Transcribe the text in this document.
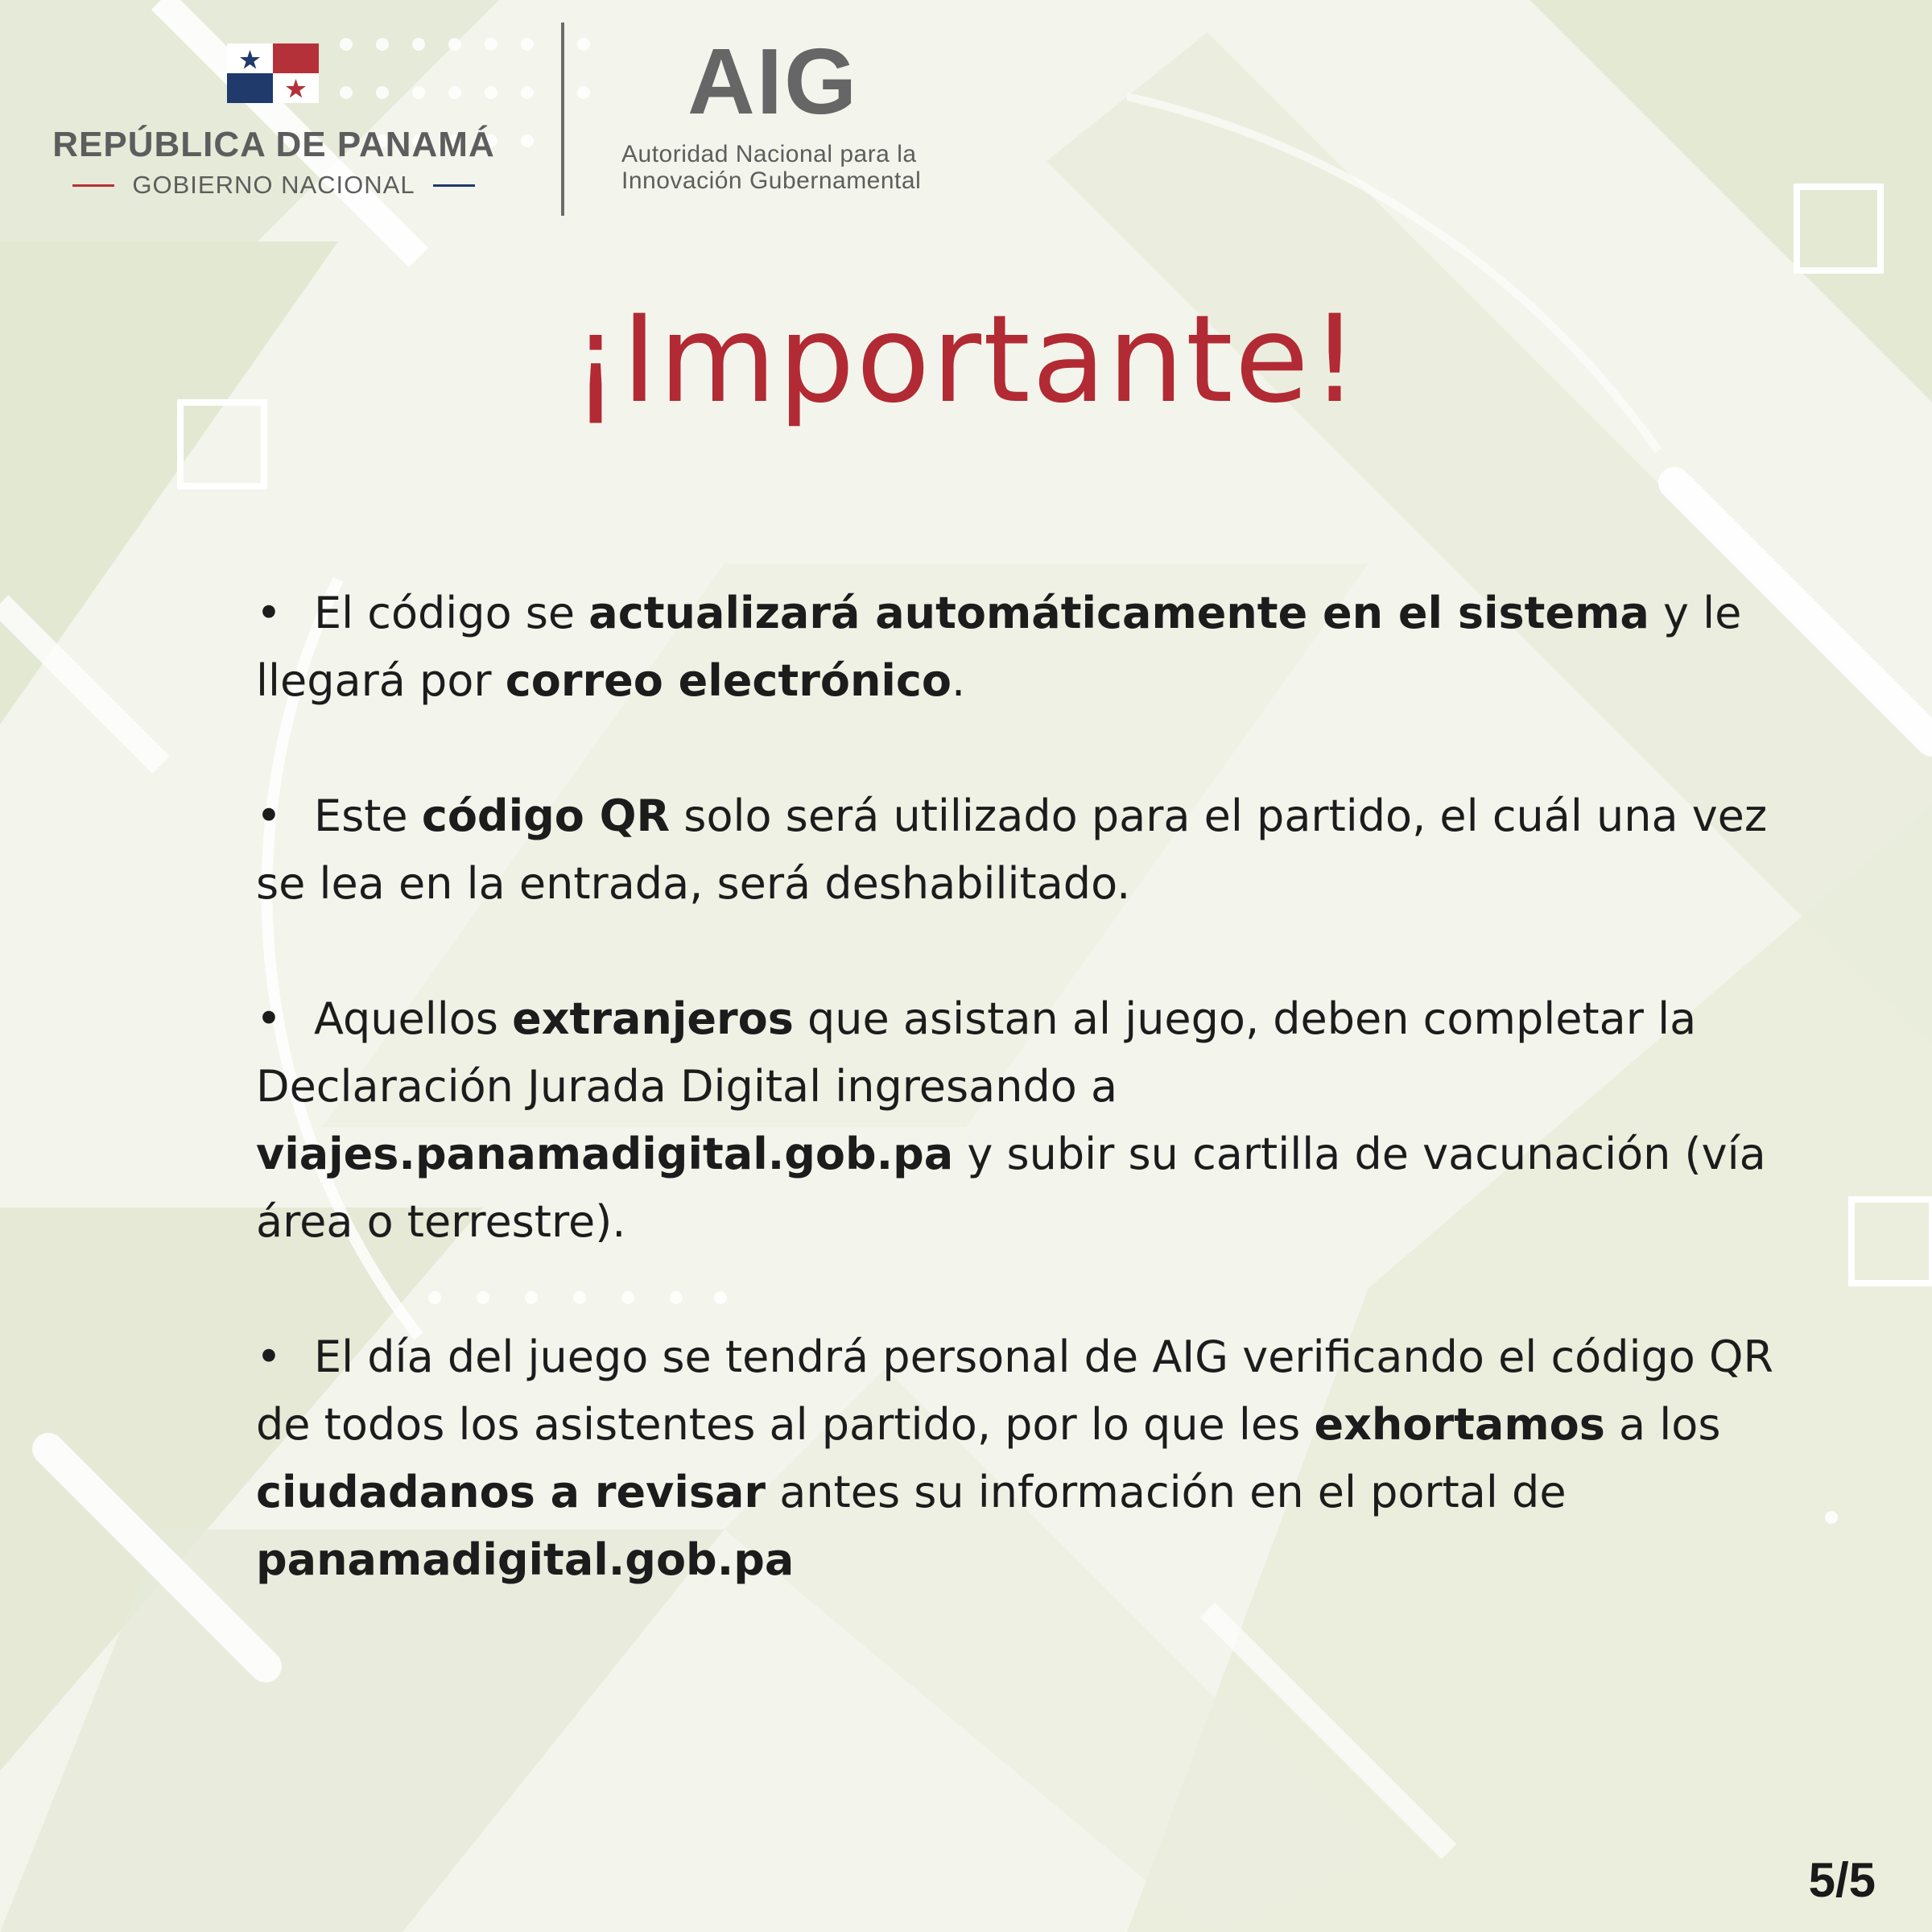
REPÚBLICA DE PANAMÁ
GOBIERNO NACIONAL
AIG
Autoridad Nacional para la
Innovación Gubernamental
¡Importante!

• El código se actualizará automáticamente en el sistema y le llegará por correo electrónico.

• Este código QR solo será utilizado para el partido, el cuál una vez se lea en la entrada, será deshabilitado.

• Aquellos extranjeros que asistan al juego, deben completar la Declaración Jurada Digital ingresando a viajes.panamadigital.gob.pa y subir su cartilla de vacunación (vía área o terrestre).

• El día del juego se tendrá personal de AIG verificando el código QR de todos los asistentes al partido, por lo que les exhortamos a los ciudadanos a revisar antes su información en el portal de panamadigital.gob.pa

5/5
